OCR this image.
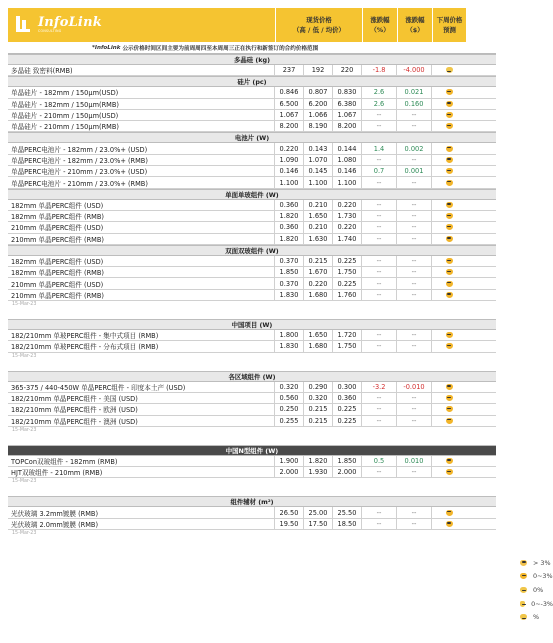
InfoLink
CONSULTING
现货价格
（高 / 低 / 均价）
涨跌幅
（%）
涨跌幅
（$）
下周价格
预测
*InfoLink 公示价格时间区间主要为前周周四至本周周三正在执行和新签订的合约价格范围
多晶硅 (kg)
多晶硅 致密料(RMB)	237	192	220	-1.8	-4.000
硅片 (pc)
单晶硅片 - 182mm / 150μm(USD)	0.846	0.807	0.830	2.6	0.021
单晶硅片 - 182mm / 150μm(RMB)	6.500	6.200	6.380	2.6	0.160
单晶硅片 - 210mm / 150μm(USD)	1.067	1.066	1.067	--	--
单晶硅片 - 210mm / 150μm(RMB)	8.200	8.190	8.200	--	--
电池片 (W)
单晶PERC电池片 - 182mm / 23.0%+ (USD)	0.220	0.143	0.144	1.4	0.002
单晶PERC电池片 - 182mm / 23.0%+ (RMB)	1.090	1.070	1.080	--	--
单晶PERC电池片 - 210mm / 23.0%+ (USD)	0.146	0.145	0.146	0.7	0.001
单晶PERC电池片 - 210mm / 23.0%+ (RMB)	1.100	1.100	1.100	--	--
单面单玻组件 (W)
182mm 单晶PERC组件 (USD)	0.360	0.210	0.220	--	--
182mm 单晶PERC组件 (RMB)	1.820	1.650	1.730	--	--
210mm 单晶PERC组件 (USD)	0.360	0.210	0.220	--	--
210mm 单晶PERC组件 (RMB)	1.820	1.630	1.740	--	--
双面双玻组件 (W)
182mm 单晶PERC组件 (USD)	0.370	0.215	0.225	--	--
182mm 单晶PERC组件 (RMB)	1.850	1.670	1.750	--	--
210mm 单晶PERC组件 (USD)	0.370	0.220	0.225	--	--
210mm 单晶PERC组件 (RMB)	1.830	1.680	1.760	--	--
15-Mar-23
中国项目 (W)
182/210mm 单玻PERC组件 - 集中式项目 (RMB)	1.800	1.650	1.720	--	--
182/210mm 单玻PERC组件 - 分布式项目 (RMB)	1.830	1.680	1.750	--	--
15-Mar-23
各区域组件 (W)
365-375 / 440-450W 单晶PERC组件 - 印度本土产 (USD)	0.320	0.290	0.300	-3.2	-0.010
182/210mm 单晶PERC组件 - 美国 (USD)	0.560	0.320	0.360	--	--
182/210mm 单晶PERC组件 - 欧洲 (USD)	0.250	0.215	0.225	--	--
182/210mm 单晶PERC组件 - 澳洲 (USD)	0.255	0.215	0.225	--	--
15-Mar-23
中国N型组件 (W)
TOPCon双玻组件 - 182mm (RMB)	1.900	1.820	1.850	0.5	0.010
HJT双玻组件 - 210mm (RMB)	2.000	1.930	2.000	--	--
15-Mar-23
组件辅材 (m²)
光伏玻璃 3.2mm镀膜 (RMB)	26.50	25.00	25.50	--	--
光伏玻璃 2.0mm镀膜 (RMB)	19.50	17.50	18.50	--	--
15-Mar-23
> 3%
0~3%
0%
0~-3%
%
